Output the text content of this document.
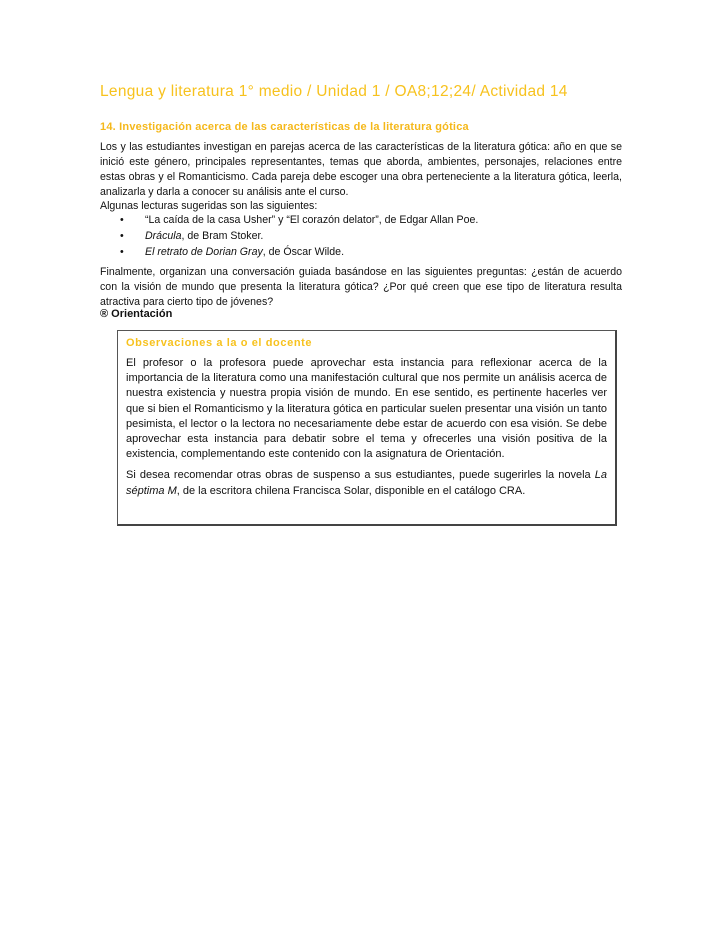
Lengua y literatura 1° medio / Unidad 1 / OA8;12;24/ Actividad 14
14. Investigación acerca de las características de la literatura gótica

Los y las estudiantes investigan en parejas acerca de las características de la literatura gótica: año en que se inició este género, principales representantes, temas que aborda, ambientes, personajes, relaciones entre estas obras y el Romanticismo. Cada pareja debe escoger una obra perteneciente a la literatura gótica, leerla, analizarla y darla a conocer su análisis ante el curso.

Algunas lecturas sugeridas son las siguientes:

• “La caída de la casa Usher” y “El corazón delator”, de Edgar Allan Poe.
• Drácula, de Bram Stoker.
• El retrato de Dorian Gray, de Óscar Wilde.

Finalmente, organizan una conversación guiada basándose en las siguientes preguntas: ¿están de acuerdo con la visión de mundo que presenta la literatura gótica? ¿Por qué creen que ese tipo de literatura resulta atractiva para cierto tipo de jóvenes?

® Orientación
Observaciones a la o el docente

El profesor o la profesora puede aprovechar esta instancia para reflexionar acerca de la importancia de la literatura como una manifestación cultural que nos permite un análisis acerca de nuestra existencia y nuestra propia visión de mundo. En ese sentido, es pertinente hacerles ver que si bien el Romanticismo y la literatura gótica en particular suelen presentar una visión un tanto pesimista, el lector o la lectora no necesariamente debe estar de acuerdo con esa visión. Se debe aprovechar esta instancia para debatir sobre el tema y ofrecerles una visión positiva de la existencia, complementando este contenido con la asignatura de Orientación.

Si desea recomendar otras obras de suspenso a sus estudiantes, puede sugerirles la novela La séptima M, de la escritora chilena Francisca Solar, disponible en el catálogo CRA.
